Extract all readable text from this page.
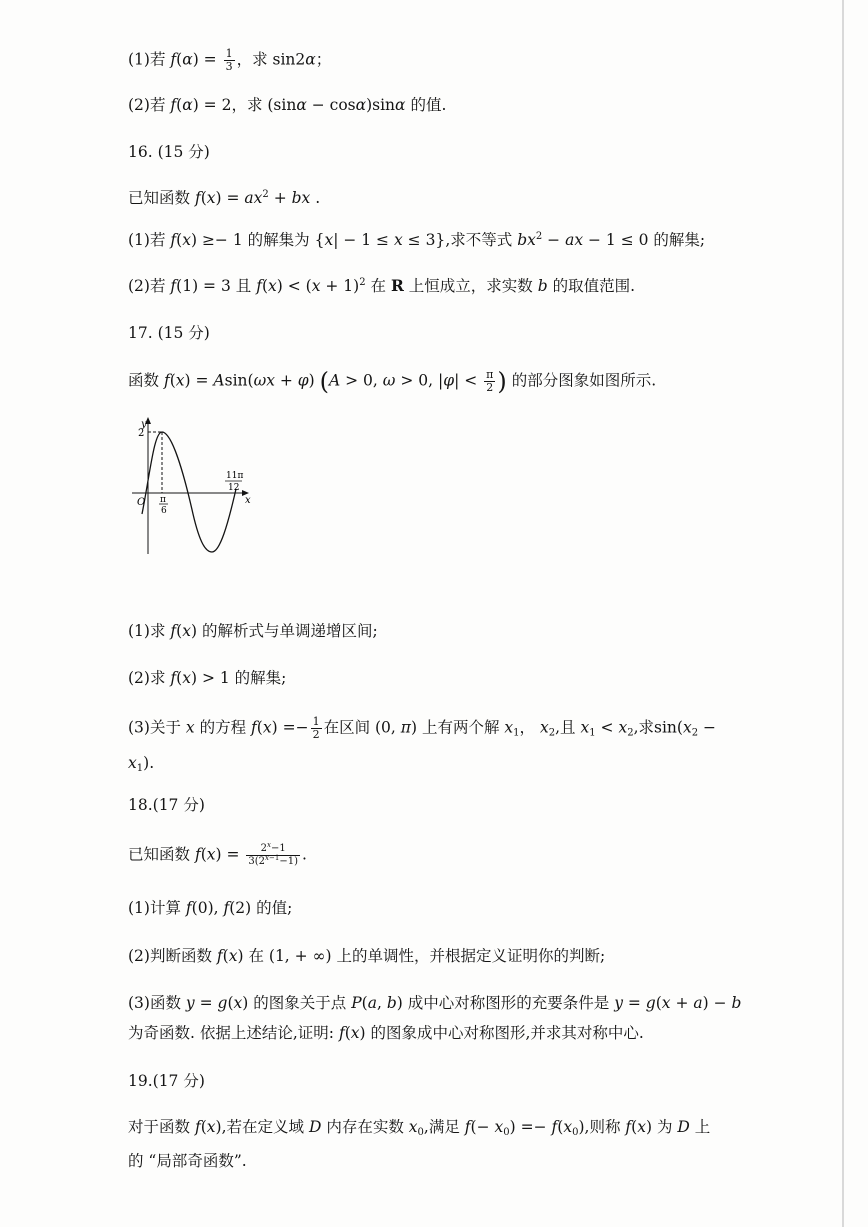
(1)若 $f(\alpha) = \frac{1}{3}$ ，求 sin2α；
(2)若 f(α) = 2，求 (sinα − cosα)sinα 的值.
16. (15 分)
已知函数 $f(x) = ax^2$ + bx .
(1)若 f(x) ≥− 1 的解集为 {x| − 1 ≤ x ≤ 3},求不等式 $bx^2$ − ax − 1 ≤ 0 的解集;
(2)若 f(1) = 3 且 $f(x) < (x + 1)^2$ 在 R 上恒成立，求实数 b 的取值范围.
17. (15 分)
函数 f(x) = Asin(ωx + φ) (A > 0, ω > 0, $|\varphi| < \frac{\pi}{2}$ ) 的部分图象如图所示.
y
2
O	x
π
6
11π
12
(1)求 f(x) 的解析式与单调递增区间;
(2)求 f(x) > 1 的解集;
(3)关于 x 的方程 $f(x) =- \frac{1}{2}$ 在区间 (0, π) 上有两个解 $x_1$， $x_2$,且 $x_1 < x_2$,求$\sin(x_2$ −
$x_1$).
18.(17 分)
已知函数 $f(x) = \frac{2^x-1}{3(2^{x-1}-1)}$ .
(1)计算 f(0), f(2) 的值;
(2)判断函数 f(x) 在 (1, + ∞) 上的单调性，并根据定义证明你的判断;
(3)函数 y = g(x) 的图象关于点 P(a, b) 成中心对称图形的充要条件是 y = g(x + a) − b
为奇函数. 依据上述结论,证明: f(x) 的图象成中心对称图形,并求其对称中心.
19.(17 分)
对于函数 f(x),若在定义域 D 内存在实数 $x_0$,满足 $f(- x_0) =- f(x_0)$,则称 f(x) 为 D 上
的 “局部奇函数”.
